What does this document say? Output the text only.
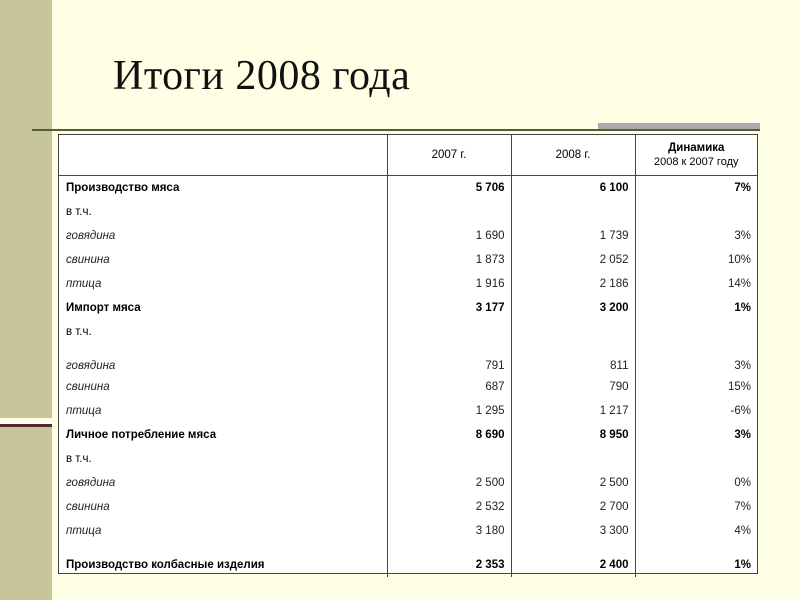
Итоги 2008 года
	2007 г.	2008 г.	Динамика
2008 к 2007 году

Производство мяса	5 706	6 100	7%
в т.ч.			
говядина	1 690	1 739	3%
свинина	1 873	2 052	10%
птица	1 916	2 186	14%
Импорт мяса	3 177	3 200	1%
в т.ч.			
говядина	791	811	3%
свинина	687	790	15%
птица	1 295	1 217	-6%
Личное потребление мяса	8 690	8 950	3%
в т.ч.			
говядина	2 500	2 500	0%
свинина	2 532	2 700	7%
птица	3 180	3 300	4%

Производство колбасные изделия	2 353	2 400	1%
